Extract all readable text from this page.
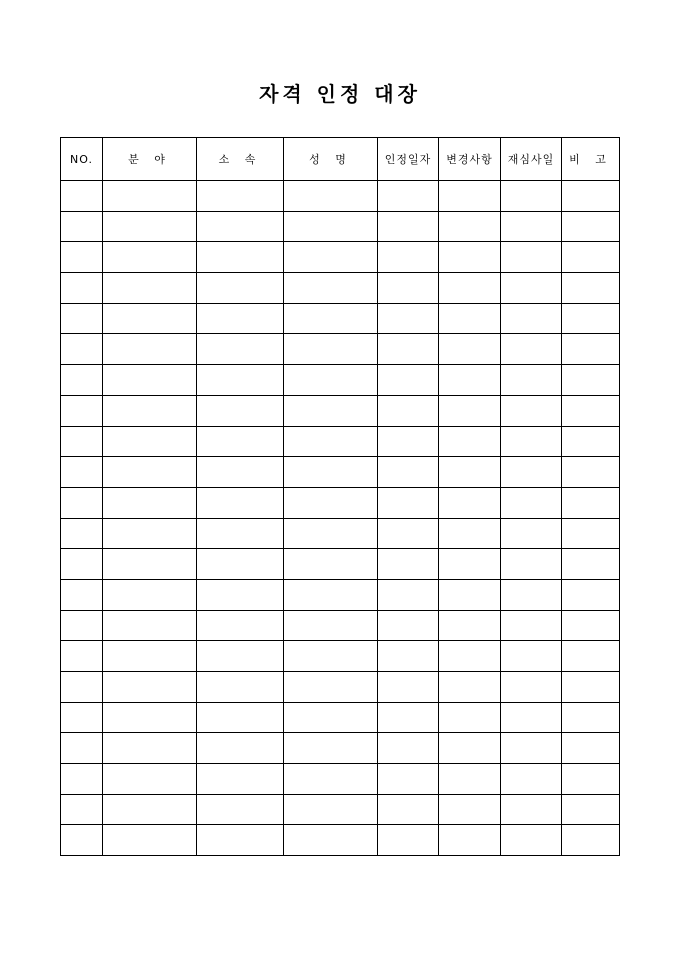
자격 인정 대장
NO.	분 야	소 속	성 명	인정일자	변경사항	재심사일	비 고
